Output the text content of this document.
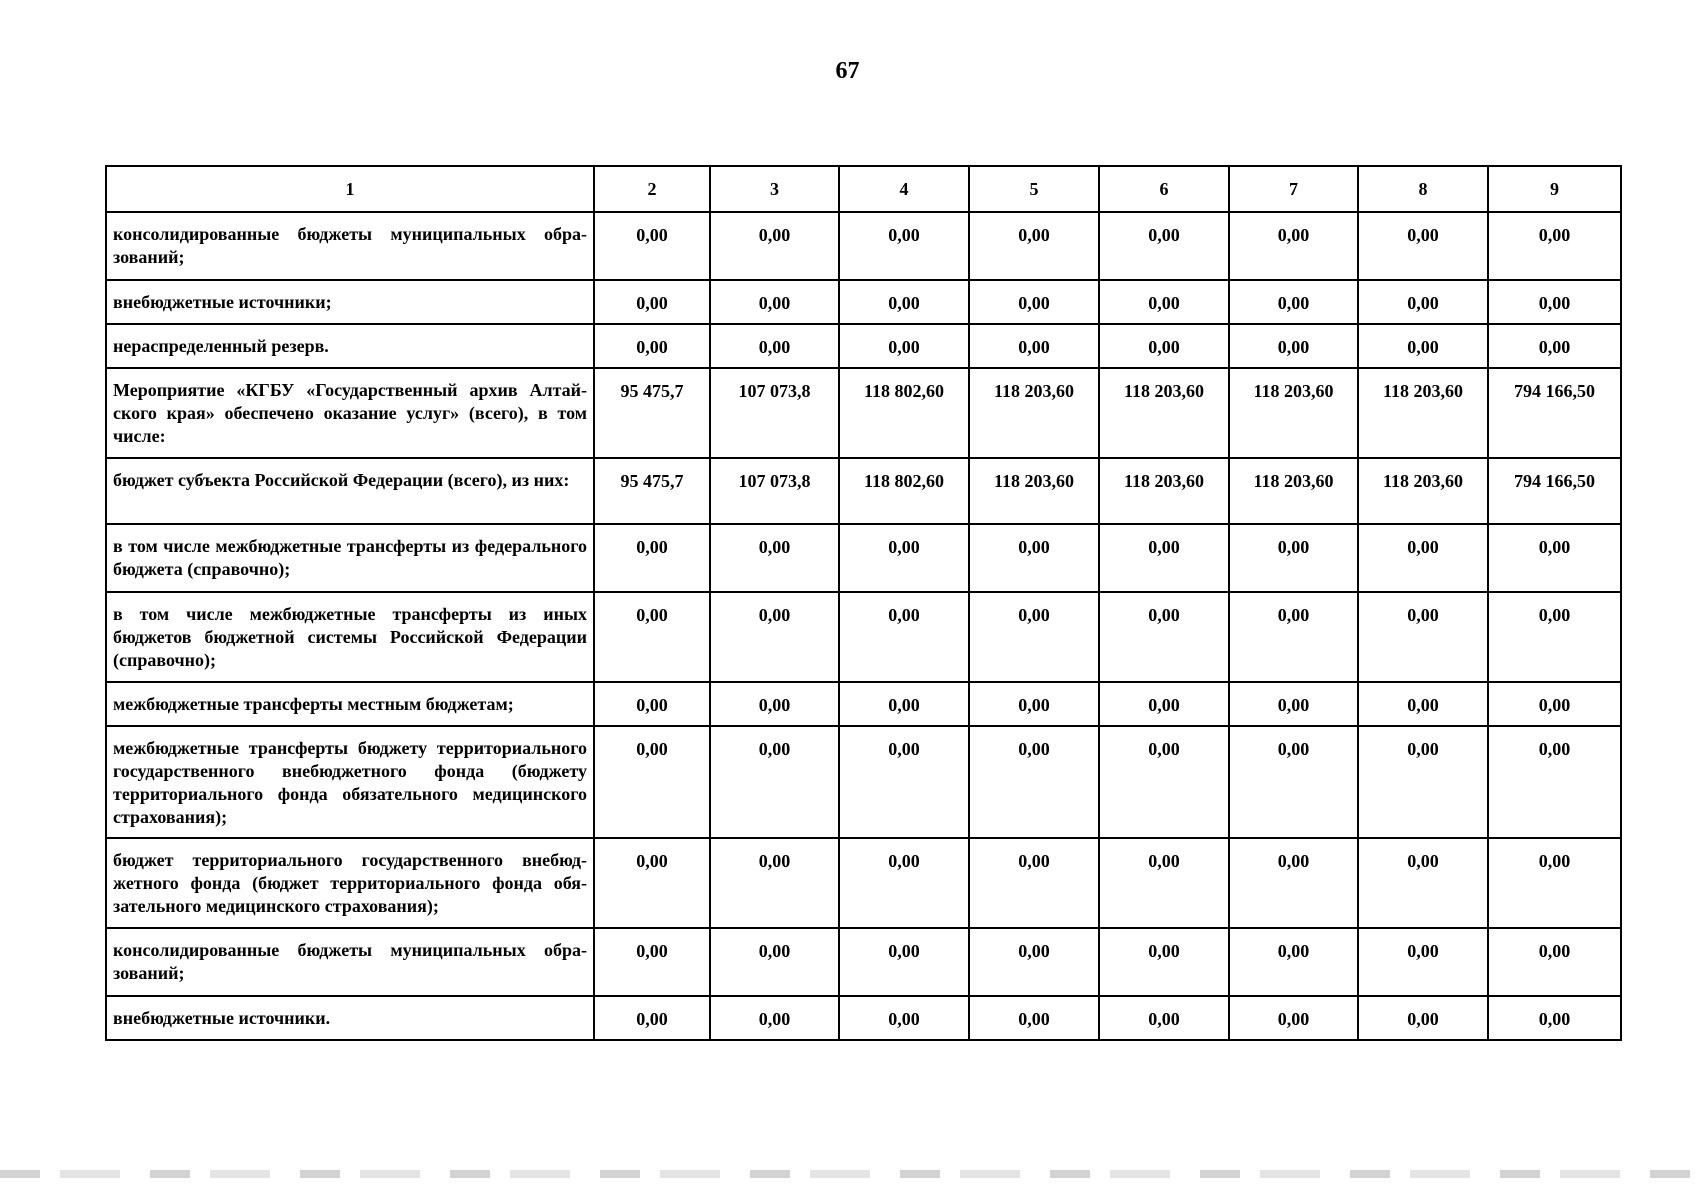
67
1	2	3	4	5	6	7	8	9
консолидированные бюджеты муниципальных образований;	0,00	0,00	0,00	0,00	0,00	0,00	0,00	0,00
внебюджетные источники;	0,00	0,00	0,00	0,00	0,00	0,00	0,00	0,00
нераспределенный резерв.	0,00	0,00	0,00	0,00	0,00	0,00	0,00	0,00
Мероприятие «КГБУ «Государственный архив Алтайского края» обеспечено оказание услуг» (всего), в том числе:	95 475,7	107 073,8	118 802,60	118 203,60	118 203,60	118 203,60	118 203,60	794 166,50
бюджет субъекта Российской Федерации (всего), из них:	95 475,7	107 073,8	118 802,60	118 203,60	118 203,60	118 203,60	118 203,60	794 166,50
в том числе межбюджетные трансферты из федерального бюджета (справочно);	0,00	0,00	0,00	0,00	0,00	0,00	0,00	0,00
в том числе межбюджетные трансферты из иных бюджетов бюджетной системы Российской Федерации (справочно);	0,00	0,00	0,00	0,00	0,00	0,00	0,00	0,00
межбюджетные трансферты местным бюджетам;	0,00	0,00	0,00	0,00	0,00	0,00	0,00	0,00
межбюджетные трансферты бюджету территориального государственного внебюджетного фонда (бюджету территориального фонда обязательного медицинского страхования);	0,00	0,00	0,00	0,00	0,00	0,00	0,00	0,00
бюджет территориального государственного внебюджетного фонда (бюджет территориального фонда обязательного медицинского страхования);	0,00	0,00	0,00	0,00	0,00	0,00	0,00	0,00
консолидированные бюджеты муниципальных образований;	0,00	0,00	0,00	0,00	0,00	0,00	0,00	0,00
внебюджетные источники.	0,00	0,00	0,00	0,00	0,00	0,00	0,00	0,00
